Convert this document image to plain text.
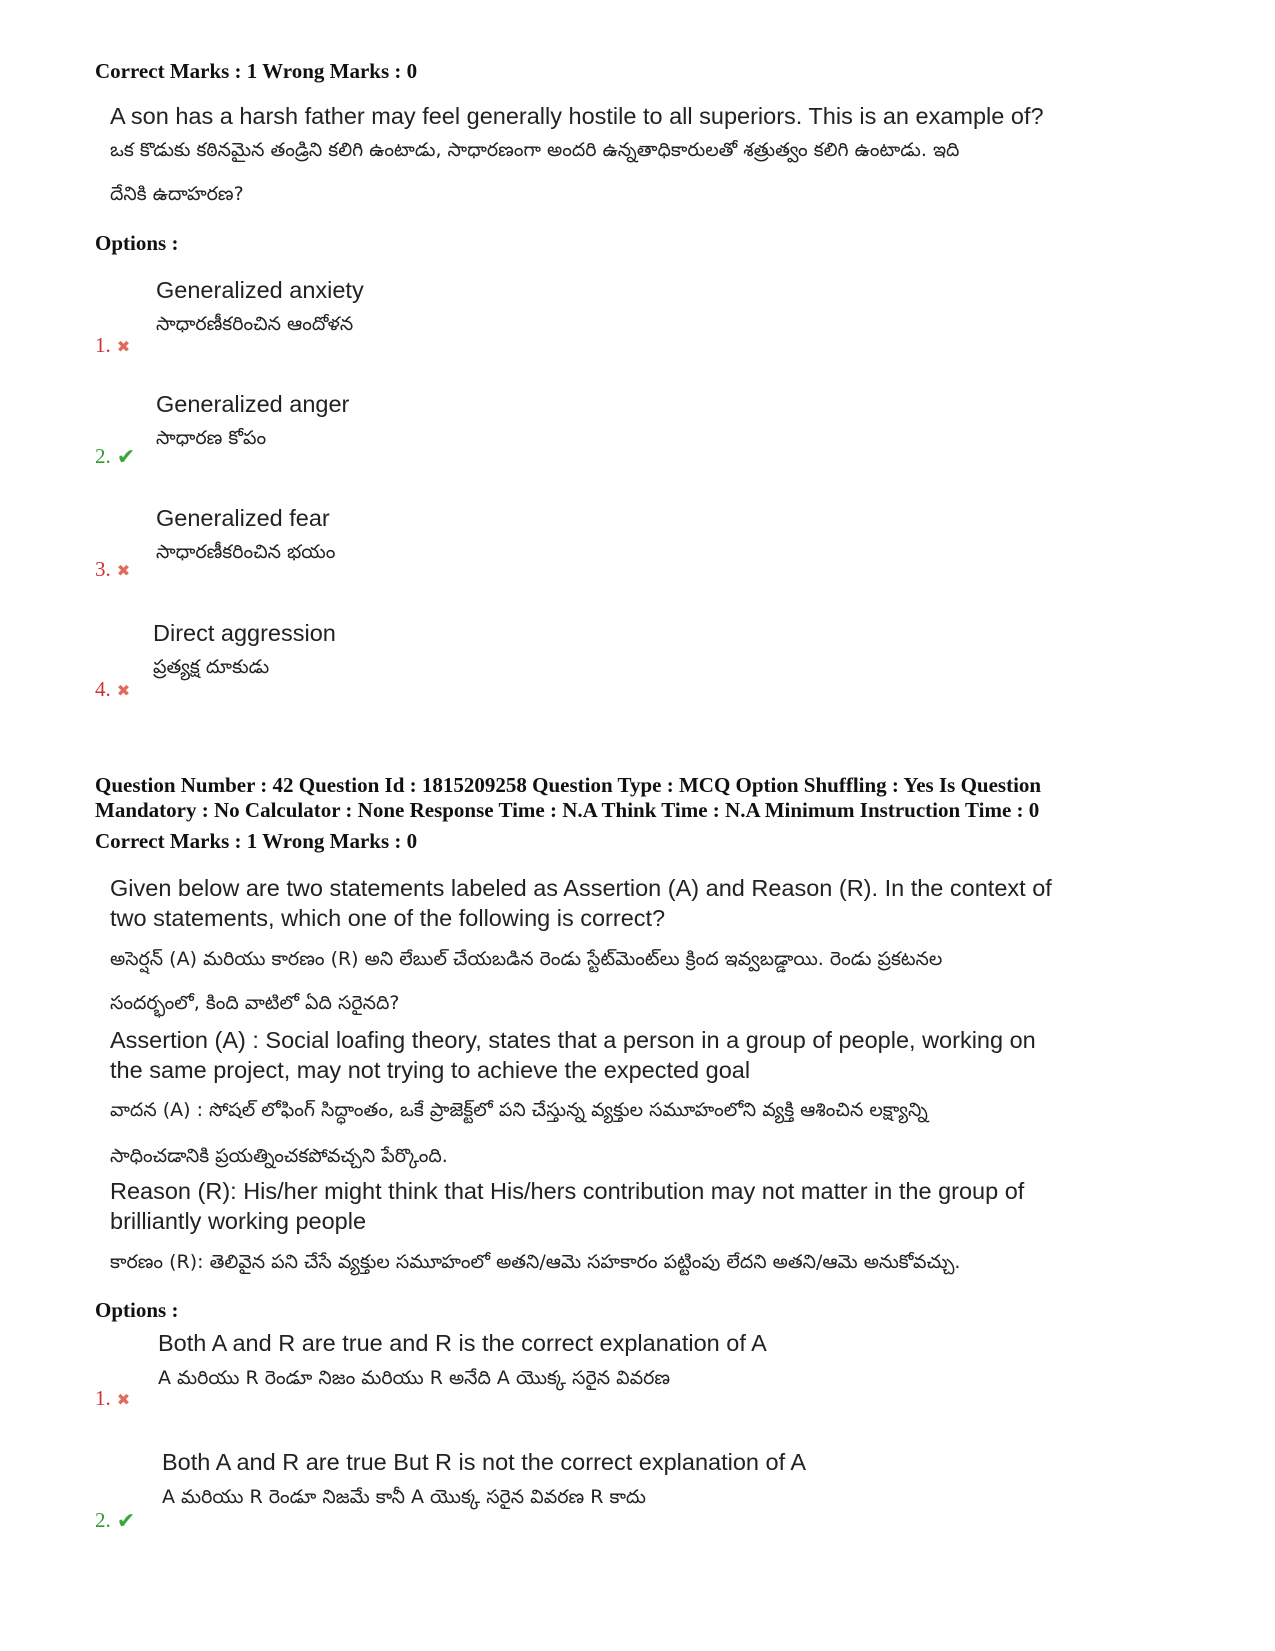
Correct Marks : 1 Wrong Marks : 0
A son has a harsh father may feel generally hostile to all superiors. This is an example of?
ఒక కొడుకు కఠినమైన తండ్రిని కలిగి ఉంటాడు, సాధారణంగా అందరి ఉన్నతాధికారులతో శత్రుత్వం కలిగి ఉంటాడు. ఇది
దేనికి ఉదాహరణ?
Options :
Generalized anxiety
సాధారణీకరించిన ఆందోళన
1. ✖
Generalized anger
సాధారణ కోపం
2. ✔
Generalized fear
సాధారణీకరించిన భయం
3. ✖
Direct aggression
ప్రత్యక్ష దూకుడు
4. ✖
Question Number : 42 Question Id : 1815209258 Question Type : MCQ Option Shuffling : Yes Is Question
Mandatory : No Calculator : None Response Time : N.A Think Time : N.A Minimum Instruction Time : 0
Correct Marks : 1 Wrong Marks : 0
Given below are two statements labeled as Assertion (A) and Reason (R). In the context of
two statements, which one of the following is correct?
అసెర్షన్ (A) మరియు కారణం (R) అని లేబుల్ చేయబడిన రెండు స్టేట్‌మెంట్‌లు క్రింద ఇవ్వబడ్డాయి. రెండు ప్రకటనల
సందర్భంలో, కింది వాటిలో ఏది సరైనది?
Assertion (A) : Social loafing theory, states that a person in a group of people, working on
the same project, may not trying to achieve the expected goal
వాదన (A) : సోషల్ లోఫింగ్ సిద్ధాంతం, ఒకే ప్రాజెక్ట్‌లో పని చేస్తున్న వ్యక్తుల సమూహంలోని వ్యక్తి ఆశించిన లక్ష్యాన్ని
సాధించడానికి ప్రయత్నించకపోవచ్చని పేర్కొంది.
Reason (R): His/her might think that His/hers contribution may not matter in the group of
brilliantly working people
కారణం (R): తెలివైన పని చేసే వ్యక్తుల సమూహంలో అతని/ఆమె సహకారం పట్టింపు లేదని అతని/ఆమె అనుకోవచ్చు.
Options :
Both A and R are true and R is the correct explanation of A
A మరియు R రెండూ నిజం మరియు R అనేది A యొక్క సరైన వివరణ
1. ✖
Both A and R are true But R is not the correct explanation of A
A మరియు R రెండూ నిజమే కానీ A యొక్క సరైన వివరణ R కాదు
2. ✔
